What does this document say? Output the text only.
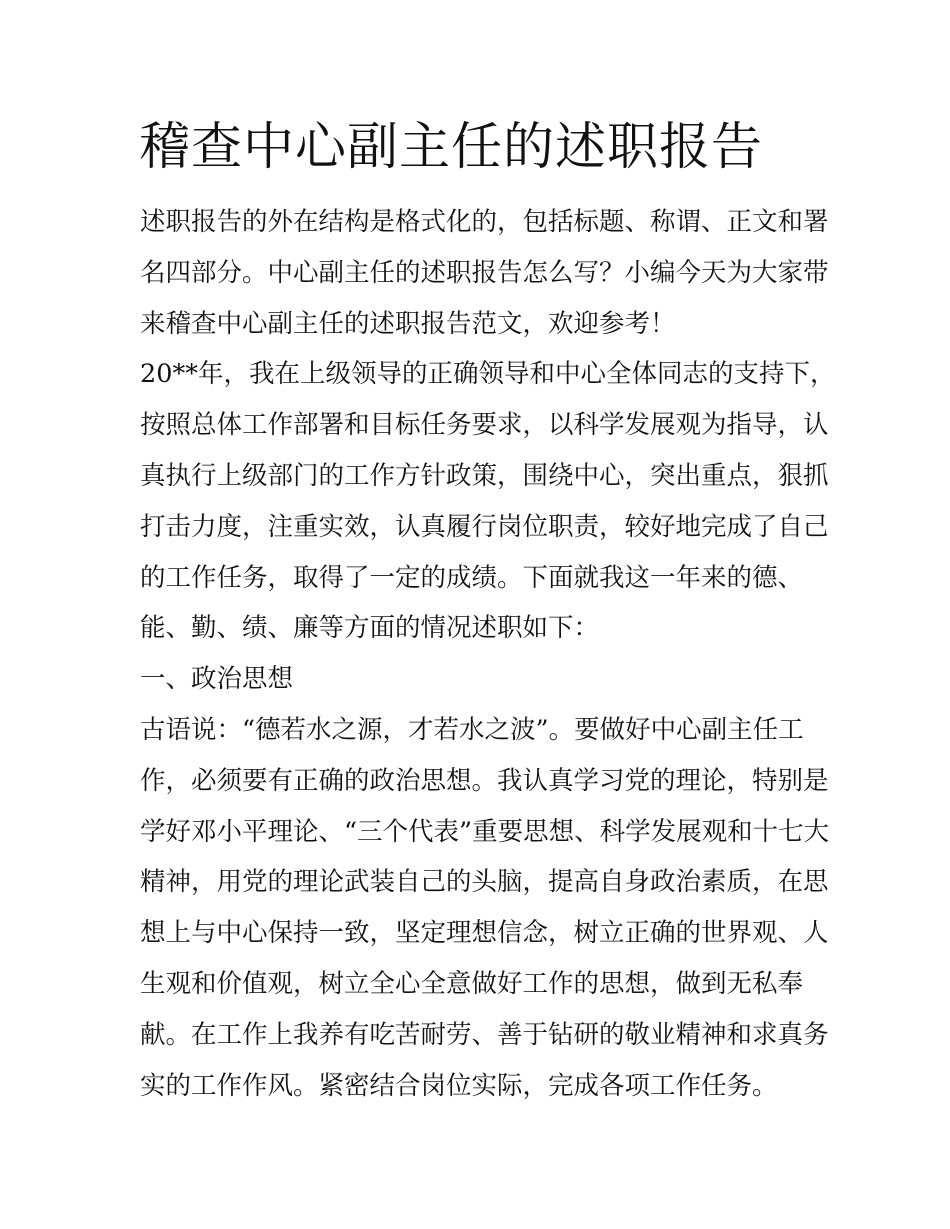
稽查中心副主任的述职报告
述职报告的外在结构是格式化的，包括标题、称谓、正文和署
名四部分。中心副主任的述职报告怎么写？小编今天为大家带
来稽查中心副主任的述职报告范文，欢迎参考！
20**年，我在上级领导的正确领导和中心全体同志的支持下，
按照总体工作部署和目标任务要求，以科学发展观为指导，认
真执行上级部门的工作方针政策，围绕中心，突出重点，狠抓
打击力度，注重实效，认真履行岗位职责，较好地完成了自己
的工作任务，取得了一定的成绩。下面就我这一年来的德、
能、勤、绩、廉等方面的情况述职如下：
一、政治思想
古语说：“德若水之源，才若水之波”。要做好中心副主任工
作，必须要有正确的政治思想。我认真学习党的理论，特别是
学好邓小平理论、“三个代表”重要思想、科学发展观和十七大
精神，用党的理论武装自己的头脑，提高自身政治素质，在思
想上与中心保持一致，坚定理想信念，树立正确的世界观、人
生观和价值观，树立全心全意做好工作的思想，做到无私奉
献。在工作上我养有吃苦耐劳、善于钻研的敬业精神和求真务
实的工作作风。紧密结合岗位实际，完成各项工作任务。
